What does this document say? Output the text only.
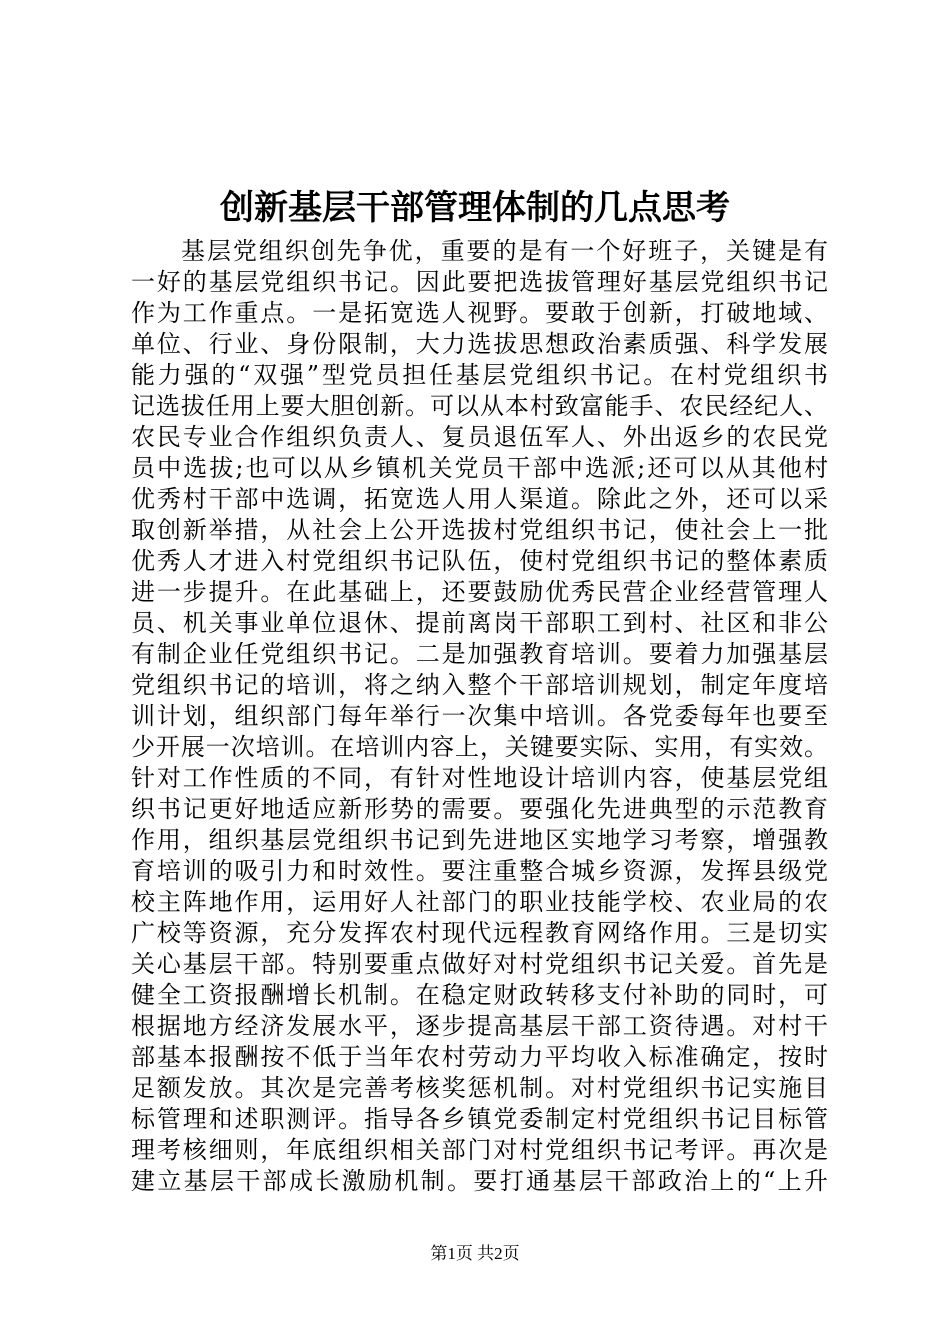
创新基层干部管理体制的几点思考
基层党组织创先争优，重要的是有一个好班子，关键是有
一好的基层党组织书记。因此要把选拔管理好基层党组织书记
作为工作重点。一是拓宽选人视野。要敢于创新，打破地域、
单位、行业、身份限制，大力选拔思想政治素质强、科学发展
能力强的“双强”型党员担任基层党组织书记。在村党组织书
记选拔任用上要大胆创新。可以从本村致富能手、农民经纪人、
农民专业合作组织负责人、复员退伍军人、外出返乡的农民党
员中选拔;也可以从乡镇机关党员干部中选派;还可以从其他村
优秀村干部中选调，拓宽选人用人渠道。除此之外，还可以采
取创新举措，从社会上公开选拔村党组织书记，使社会上一批
优秀人才进入村党组织书记队伍，使村党组织书记的整体素质
进一步提升。在此基础上，还要鼓励优秀民营企业经营管理人
员、机关事业单位退休、提前离岗干部职工到村、社区和非公
有制企业任党组织书记。二是加强教育培训。要着力加强基层
党组织书记的培训，将之纳入整个干部培训规划，制定年度培
训计划，组织部门每年举行一次集中培训。各党委每年也要至
少开展一次培训。在培训内容上，关键要实际、实用，有实效。
针对工作性质的不同，有针对性地设计培训内容，使基层党组
织书记更好地适应新形势的需要。要强化先进典型的示范教育
作用，组织基层党组织书记到先进地区实地学习考察，增强教
育培训的吸引力和时效性。要注重整合城乡资源，发挥县级党
校主阵地作用，运用好人社部门的职业技能学校、农业局的农
广校等资源，充分发挥农村现代远程教育网络作用。三是切实
关心基层干部。特别要重点做好对村党组织书记关爱。首先是
健全工资报酬增长机制。在稳定财政转移支付补助的同时，可
根据地方经济发展水平，逐步提高基层干部工资待遇。对村干
部基本报酬按不低于当年农村劳动力平均收入标准确定，按时
足额发放。其次是完善考核奖惩机制。对村党组织书记实施目
标管理和述职测评。指导各乡镇党委制定村党组织书记目标管
理考核细则，年底组织相关部门对村党组织书记考评。再次是
建立基层干部成长激励机制。要打通基层干部政治上的“上升
第1页 共2页
